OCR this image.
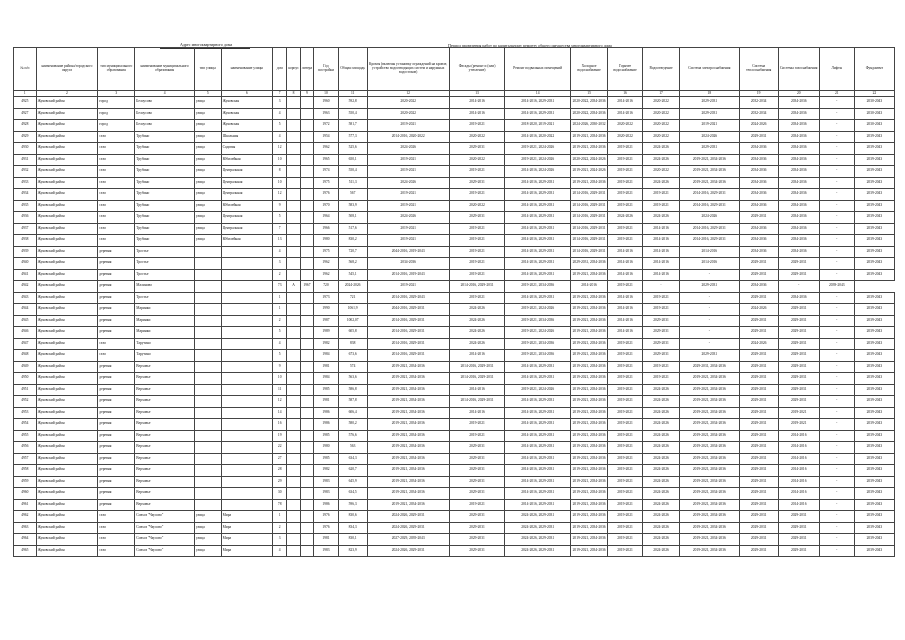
Адрес многоквартирного дома	Период проведения работ по капитальному ремонту общего имущества многоквартирного дома
№ п/п	наименование района/городского округа	тип муниципального образования	наименование муниципального образования	тип улицы	наименование улицы	дом	корпус	литера	Год постройки	Общая площадь	Кровля (включая установку ограждений на кровле, устройство водоотводящих систем и наружных водостоков)	Фасады (ремонт и (или) утепление)	Ремонт подвальных помещений	Холодное водоснабжение	Горячее водоснабжение	Водоотведение	Система электроснабжения	Система теплоснабжения	Системы газоснабжения	Лифты	Фундамент
1	2	3	4	5	6	7	8	9	10	11	12	13	14	15	16	17	18	19	20	21	22
4925	Жуковский район	город	Белоусово	улица	Жуковская	3			1960	592,8	2020-2022	2014-2016	2014-2016, 2029-2031	2020-2022, 2034-2036	2014-2016	2020-2022	2029-2031	2032-2034	2034-2036	-	2030-2043
4927	Жуковский район	город	Белоусово	улица	Жуковская	4			1963	550,4	2020-2022	2014-2016	2014-2016, 2029-2031	2020-2022, 2034-2036	2014-2016	2020-2022	2029-2031	2032-2034	2034-2036	-	2030-2043
4928	Жуковский район	город	Белоусово	улица	Жуковская	5			1972	581,7	2019-2021	2019-2021	2018-2020, 2019-2021	2024-2026, 2030-2032	2020-2022	2020-2022	2019-2021	2024-2026	2034-2036	-	2030-2043
4929	Жуковский район	село	Трубино	улица	Школьная	4			1954	577,3	2014-2016, 2020-2022	2020-2022	2014-2016, 2020-2022	2019-2021, 2034-2036	2020-2022	2020-2022	2024-2026	2029-2031	2034-2036	-	2039-2043
4930	Жуковский район	село	Трубино	улица	Садовая	12			1962	525,6	2024-2026	2029-2031	2019-2021, 2024-2026	2019-2021, 2034-2036	2019-2021	2024-2026	2029-2031	2034-2036	2034-2036	-	2039-2043
4931	Жуковский район	село	Трубино	улица	Юбилейная	10			1965	650,1	2019-2021	2020-2022	2019-2021, 2024-2026	2020-2022, 2024-2026	2019-2021	2024-2026	2019-2021, 2034-2036	2034-2036	2034-2036	-	2039-2043
4932	Жуковский район	село	Трубино	улица	Центральная	8			1974	550,4	2019-2021	2019-2021	2014-2016, 2024-2026	2019-2021, 2024-2026	2019-2021	2020-2022	2019-2021, 2034-2036	2034-2036	2034-2036	-	2039-2043
4933	Жуковский район	село	Трубино	улица	Центральная	10			1975	511,3	2024-2026	2029-2031	2014-2016, 2029-2031	2019-2021, 2034-2036	2019-2021	2024-2026	2019-2021, 2034-2036	2034-2036	2034-2036	-	2039-2043
4934	Жуковский район	село	Трубино	улица	Центральная	12			1976	567	2019-2021	2019-2021	2014-2016, 2029-2031	2014-2016, 2029-2031	2019-2021	2019-2021	2014-2016, 2029-2031	2034-2036	2034-2036	-	2039-2043
4935	Жуковский район	село	Трубино	улица	Юбилейная	9			1970	583,9	2019-2021	2020-2022	2014-2016, 2029-2031	2014-2016, 2029-2031	2019-2021	2019-2021	2014-2016, 2029-2031	2034-2036	2034-2036	-	2039-2043
4936	Жуковский район	село	Трубино	улица	Центральная	5			1964	508,1	2024-2026	2029-2031	2014-2016, 2029-2031	2014-2016, 2029-2031	2024-2026	2024-2026	2024-2026	2029-2031	2034-2036	-	2039-2043
4937	Жуковский район	село	Трубино	улица	Центральная	7			1966	517,6	2019-2021	2019-2021	2014-2016, 2029-2031	2014-2016, 2029-2031	2019-2021	2014-2016	2014-2016, 2029-2031	2034-2036	2034-2036	-	2039-2043
4938	Жуковский район	село	Трубино	улица	Юбилейная	13			1980	830,2	2019-2021	2019-2021	2014-2016, 2029-2031	2014-2016, 2029-2031	2019-2021	2014-2016	2014-2016, 2029-2031	2034-2036	2034-2036	-	2039-2043
4939	Жуковский район	деревня	Тростье			4			1975	720,7	2044-2016, 2019-2043	2019-2021	2014-2016, 2029-2031	2014-2016, 2029-2031	2014-2016	2014-2016	2014-2016	2034-2036	2034-2036	-	2039-2043
4940	Жуковский район	деревня	Тростье			3			1962	568,2	2034-2036	2019-2021	2014-2016, 2029-2031	2029-2031, 2034-2036	2014-2016	2014-2016	2014-2016	2029-2031	2029-2031	-	2039-2043
4941	Жуковский район	деревня	Тростье			2			1962	545,1	2014-2016, 2019-2043	2019-2021	2014-2016, 2029-2031	2019-2021, 2034-2036	2014-2016	2014-2016	-	2029-2031	2029-2031	-	2039-2043
4942	Жуковский район	деревня	Малиново			73	А	1967	720	2024-2026	2019-2021	2014-2016, 2029-2031	2019-2021, 2034-2036	2014-2016	2019-2021	-	2029-2031	2034-2036	-	2039-2043	
4943	Жуковский район	деревня	Тростье			1			1973	721	2014-2016, 2029-2043	2019-2021	2014-2016, 2029-2031	2019-2021, 2034-2036	2014-2016	2019-2021	-	2029-2031	2034-2036	-	2039-2043
4944	Жуковский район	деревня	Маринки			1			1990	1061,9	2044-2016, 2029-2031	2024-2026	2019-2021, 2024-2026	2019-2021, 2034-2036	2014-2016	2019-2021	-	2024-2026	2029-2031	-	2039-2043
4945	Жуковский район	деревня	Маринки			2			1987	1002,07	2014-2016, 2029-2031	2024-2026	2019-2021, 2034-2036	2019-2021, 2034-2036	2014-2016	2029-2031	-	2029-2031	2029-2031	-	2039-2043
4946	Жуковский район	деревня	Маринки			5			1989	605,8	2014-2016, 2029-2031	2024-2026	2019-2021, 2024-2026	2019-2021, 2034-2036	2014-2016	2029-2031	-	2029-2031	2029-2031	-	2039-2043
4947	Жуковский район	село	Тарутино			4			1982	838	2014-2016, 2029-2031	2024-2026	2019-2021, 2034-2036	2019-2021, 2034-2036	2019-2021	2029-2031	-	2024-2026	2029-2031	-	2039-2043
4948	Жуковский район	село	Тарутино			5			1984	673,6	2014-2016, 2029-2031	2014-2016	2019-2021, 2034-2036	2019-2021, 2034-2036	2019-2021	2029-2031	2029-2031	2029-2031	2029-2031	-	2039-2043
4949	Жуковский район	деревня	Верховье			9			1981	574	2019-2021, 2034-2036	2014-2016, 2029-2031	2014-2016, 2029-2031	2019-2021, 2034-2036	2019-2021	2019-2021	2029-2031, 2034-2036	2029-2031	2029-2031	-	2039-2043
4950	Жуковский район	деревня	Верховье			10			1984	563,6	2019-2021, 2034-2036	2014-2016, 2029-2031	2014-2016, 2029-2031	2019-2021, 2034-2036	2019-2021	2019-2021	2019-2021, 2034-2036	2029-2031	2029-2031	-	2039-2043
4951	Жуковский район	деревня	Верховье			11			1985	586,8	2019-2021, 2034-2036	2014-2016	2019-2021, 2024-2026	2019-2021, 2034-2036	2019-2021	2024-2026	2019-2021, 2034-2036	2029-2031	2029-2031	-	2039-2043
4952	Жуковский район	деревня	Верховье			12			1981	587,8	2019-2021, 2034-2036	2014-2016, 2029-2031	2014-2016, 2029-2031	2019-2021, 2034-2036	2019-2021	2024-2026	2019-2021, 2034-2036	2029-2031	2029-2031	-	2039-2043
4953	Жуковский район	деревня	Верховье			14			1986	606,4	2019-2021, 2034-2036	2014-2016	2014-2016, 2029-2031	2019-2021, 2034-2036	2019-2021	2024-2026	2019-2021, 2034-2036	2029-2031	2019-2021	-	2039-2043
4954	Жуковский район	деревня	Верховье			16			1986	580,2	2019-2021, 2034-2036	2019-2021	2014-2016, 2029-2031	2019-2021, 2034-2036	2019-2021	2024-2026	2019-2021, 2034-2036	2029-2031	2019-2021	-	2039-2043
4955	Жуковский район	деревня	Верховье			19			1985	576,6	2019-2021, 2034-2036	2019-2021	2014-2016, 2029-2031	2019-2021, 2034-2036	2019-2021	2024-2026	2019-2021, 2034-2036	2029-2031	2014-2016	-	2039-2043
4956	Жуковский район	деревня	Верховье			22			1980	563	2019-2021, 2034-2036	2029-2031	2014-2016, 2029-2031	2019-2021, 2034-2036	2019-2021	2024-2026	2019-2021, 2034-2036	2029-2031	2014-2016	-	2039-2043
4957	Жуковский район	деревня	Верховье			27			1985	634,3	2019-2021, 2034-2036	2029-2031	2014-2016, 2029-2031	2019-2021, 2034-2036	2019-2021	2024-2026	2019-2021, 2034-2036	2029-2031	2014-2016	-	2039-2043
4958	Жуковский район	деревня	Верховье			28			1982	620,7	2019-2021, 2034-2036	2029-2031	2014-2016, 2029-2031	2019-2021, 2034-2036	2019-2021	2024-2026	2019-2021, 2034-2036	2029-2031	2014-2016	-	2039-2043
4959	Жуковский район	деревня	Верховье			29			1983	645,9	2019-2021, 2034-2036	2029-2031	2014-2016, 2029-2031	2019-2021, 2034-2036	2019-2021	2024-2026	2019-2021, 2034-2036	2029-2031	2014-2016	-	2039-2043
4960	Жуковский район	деревня	Верховье			30			1983	634,5	2019-2021, 2034-2036	2029-2031	2014-2016, 2029-2031	2019-2021, 2034-2036	2019-2021	2024-2026	2019-2021, 2034-2036	2029-2031	2014-2016	-	2039-2043
4961	Жуковский район	деревня	Верховье			78			1986	596,3	2019-2021, 2034-2036	2019-2021	2014-2016, 2029-2031	2019-2021, 2034-2036	2019-2021	2024-2026	2019-2021, 2034-2036	2029-2031	2014-2016	-	2039-2043
4962	Жуковский район	село	Совхоз "Чаусово"	улица	Мира	1			1976	830,6	2024-2026, 2029-2031	2029-2031	2024-2026, 2029-2031	2019-2021, 2034-2036	2019-2021	2024-2026	2019-2021, 2034-2036	2029-2031	2029-2031	-	2039-2043
4963	Жуковский район	село	Совхоз "Чаусово"	улица	Мира	2			1976	834,3	2024-2026, 2029-2031	2029-2031	2024-2026, 2029-2031	2019-2021, 2034-2036	2019-2021	2024-2026	2019-2021, 2034-2036	2029-2031	2029-2031	-	2039-2043
4964	Жуковский район	село	Совхоз "Чаусово"	улица	Мира	3			1981	830,1	2027-2029, 2039-2043	2029-2031	2024-2026, 2029-2031	2019-2021, 2034-2036	2019-2021	2024-2026	2019-2021, 2034-2036	2029-2031	2029-2031	-	2039-2043
4965	Жуковский район	село	Совхоз "Чаусово"	улица	Мира	4			1983	823,9	2024-2026, 2029-2031	2029-2031	2024-2026, 2029-2031	2019-2021, 2034-2036	2019-2021	2024-2026	2019-2021, 2034-2036	2029-2031	2029-2031	-	2039-2043
